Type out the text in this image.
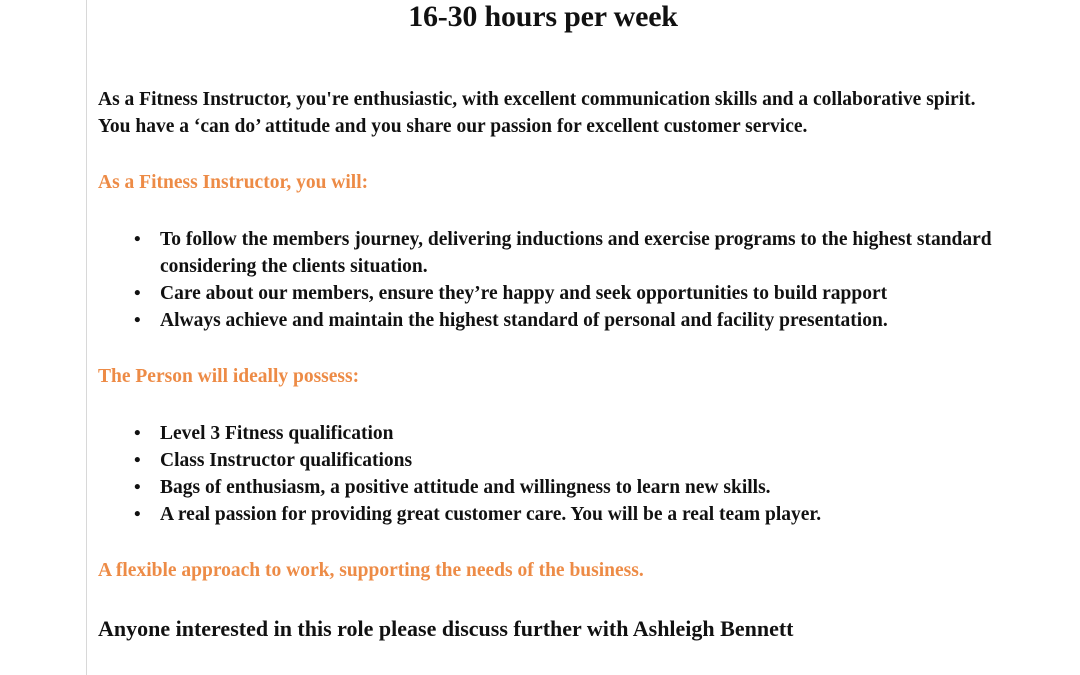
16-30 hours per week

As a Fitness Instructor, you're enthusiastic, with excellent communication skills and a collaborative spirit. You have a ‘can do’ attitude and you share our passion for excellent customer service.

As a Fitness Instructor, you will:

• To follow the members journey, delivering inductions and exercise programs to the highest standard considering the clients situation.
• Care about our members, ensure they’re happy and seek opportunities to build rapport
• Always achieve and maintain the highest standard of personal and facility presentation.

The Person will ideally possess:

• Level 3 Fitness qualification
• Class Instructor qualifications
• Bags of enthusiasm, a positive attitude and willingness to learn new skills.
• A real passion for providing great customer care. You will be a real team player.

A flexible approach to work, supporting the needs of the business.

Anyone interested in this role please discuss further with Ashleigh Bennett
